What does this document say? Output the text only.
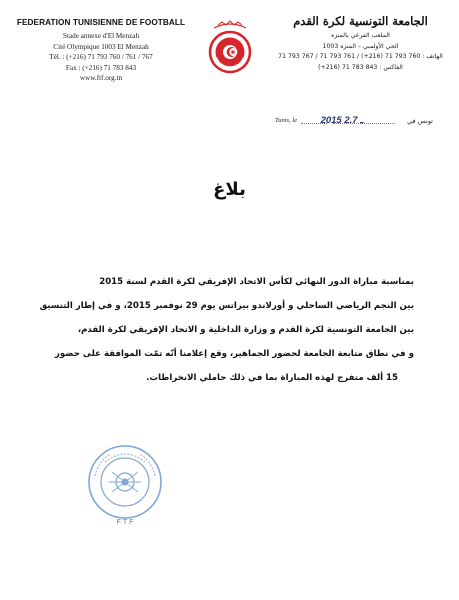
FEDERATION TUNISIENNE DE FOOTBALL
Stade annexe d'El Menzah
Cité Olympique 1003 El Menzah
Tél. : (+216) 71 793 760 / 761 / 767
Fax : (+216) 71 783 843
www.ftf.org.tn
ION TUNISIENNE DE F
الجامعة التونسية لكرة القدم
الملعب الفرعي بالمنزه
الحي الأولمبي – المنزه 1003
الهاتف : 760 793 71 (216+) / 761 793 71 / 767 793 71
الفاكس : 843 783 71 (216+)
تونس في
2015 ـ 2.7
Tunis, le
بلاغ

بمناسبة مباراة الدور النهائي لكأس الاتحاد الإفريقي لكرة القدم لسنة 2015

بين النجم الرياضي الساحلي و أورلاندو بيراتس يوم 29 نوفمبر 2015، و في إطار التنسيق

بين الجامعة التونسية لكرة القدم و وزارة الداخلية و الاتحاد الإفريقي لكرة القدم،

و في نطاق متابعة الجامعة لحضور الجماهير، وقع إعلامنا أنّه تمّت الموافقة على حضور

15 ألف متفرج لهذه المباراة بما في ذلك حاملي الانخراطات.

F T F
